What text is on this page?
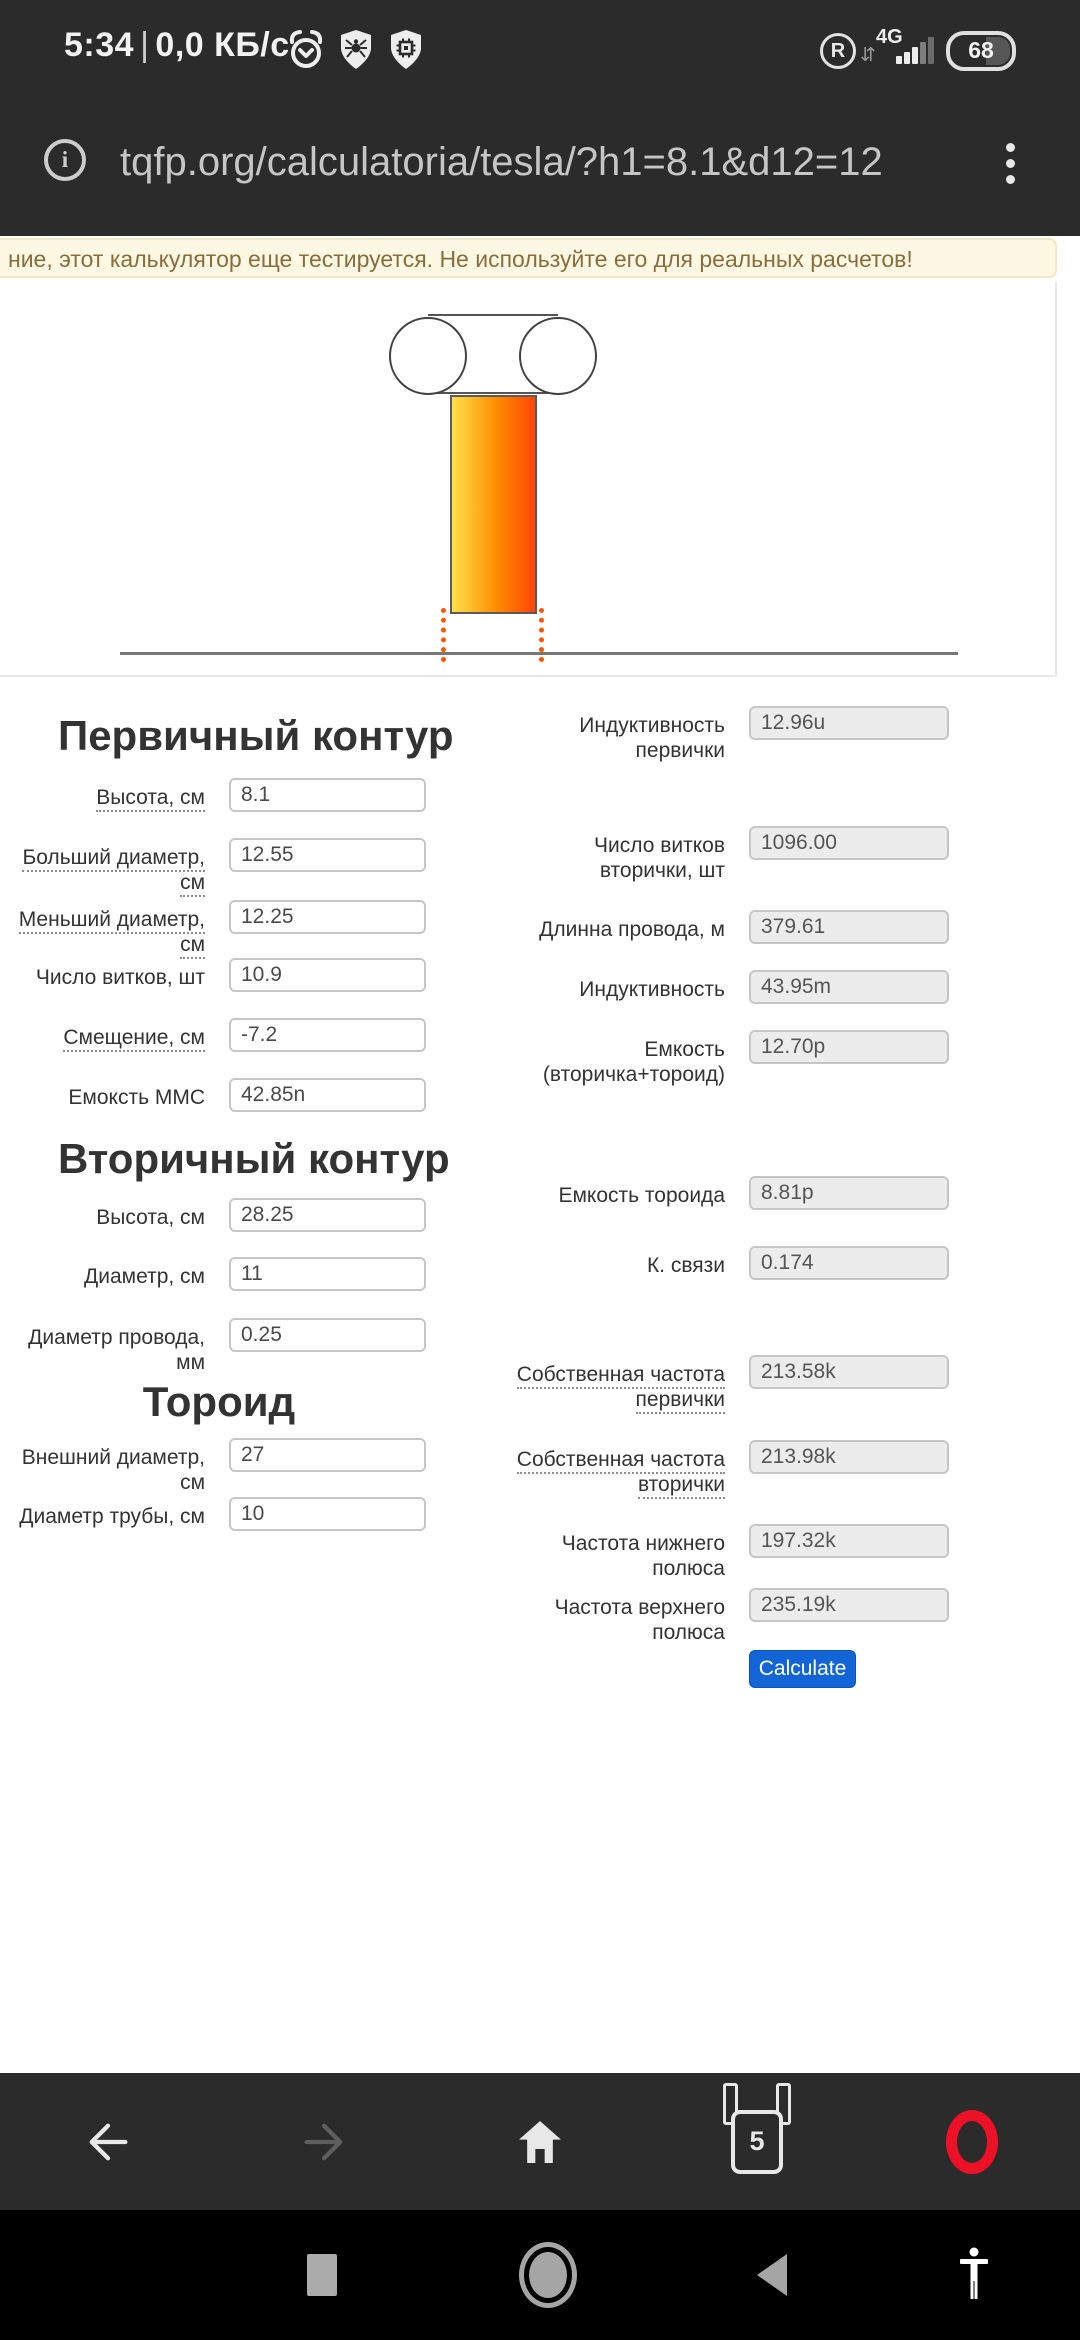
5:34 | 0,0 КБ/с	R
4G
⇵	68
i	tqfp.org/calculatoria/tesla/?h1=8.1&d12=12
ние, этот калькулятор еще тестируется. Не используйте его для реальных расчетов!
Первичный контур
Высота, см
8.1
Больший диаметр, см
12.55
Меньший диаметр, см
12.25
Число витков, шт
10.9
Смещение, см
-7.2
Емоксть ММС
42.85n
Вторичный контур
Высота, см
28.25
Диаметр, см
11
Диаметр провода, мм
0.25
Тороид
Внешний диаметр, см
27
Диаметр трубы, см
10
Индуктивность первички
12.96u
Число витков вторички, шт
1096.00
Длинна провода, м
379.61
Индуктивность
43.95m
Емкость (вторичка+тороид)
12.70p
Емкость тороида
8.81p
К. связи
0.174
Собственная частота первички
213.58k
Собственная частота вторички
213.98k
Частота нижнего полюса
197.32k
Частота верхнего полюса
235.19k
Calculate
5
